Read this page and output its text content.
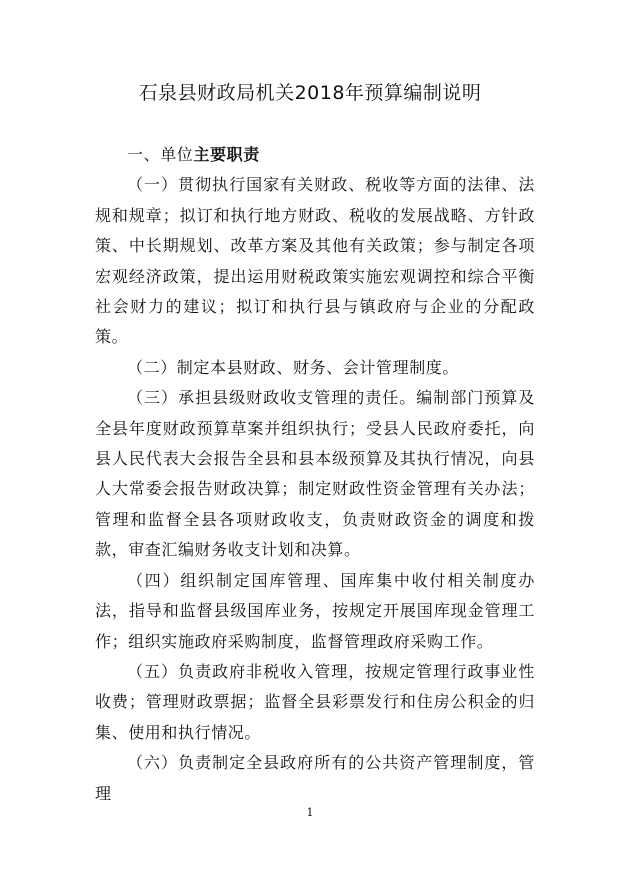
石泉县财政局机关2018年预算编制说明

一、单位主要职责

（一）贯彻执行国家有关财政、税收等方面的法律、法规和规章；拟订和执行地方财政、税收的发展战略、方针政策、中长期规划、改革方案及其他有关政策；参与制定各项宏观经济政策，提出运用财税政策实施宏观调控和综合平衡社会财力的建议；拟订和执行县与镇政府与企业的分配政策。

（二）制定本县财政、财务、会计管理制度。

（三）承担县级财政收支管理的责任。编制部门预算及全县年度财政预算草案并组织执行；受县人民政府委托，向县人民代表大会报告全县和县本级预算及其执行情况，向县人大常委会报告财政决算；制定财政性资金管理有关办法；管理和监督全县各项财政收支，负责财政资金的调度和拨款，审查汇编财务收支计划和决算。

（四）组织制定国库管理、国库集中收付相关制度办法，指导和监督县级国库业务，按规定开展国库现金管理工作；组织实施政府采购制度，监督管理政府采购工作。

（五）负责政府非税收入管理，按规定管理行政事业性收费；管理财政票据；监督全县彩票发行和住房公积金的归集、使用和执行情况。

（六）负责制定全县政府所有的公共资产管理制度，管理

1
